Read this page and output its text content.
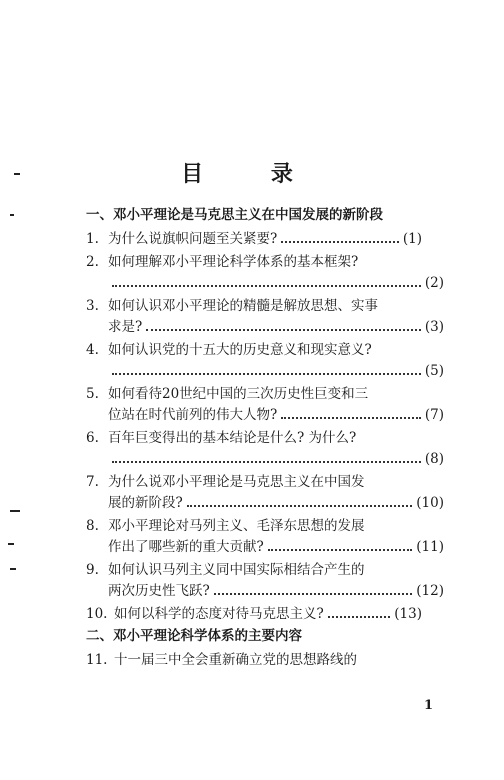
目 录
一、邓小平理论是马克思主义在中国发展的新阶段
1. 为什么说旗帜问题至关紧要?	(1)
2. 如何理解邓小平理论科学体系的基本框架?
(2)
3. 如何认识邓小平理论的精髓是解放思想、实事
求是?	(3)
4. 如何认识党的十五大的历史意义和现实意义?
(5)
5. 如何看待20世纪中国的三次历史性巨变和三
位站在时代前列的伟大人物?	(7)
6. 百年巨变得出的基本结论是什么? 为什么?
(8)
7. 为什么说邓小平理论是马克思主义在中国发
展的新阶段?	(10)
8. 邓小平理论对马列主义、毛泽东思想的发展
作出了哪些新的重大贡献?	(11)
9. 如何认识马列主义同中国实际相结合产生的
两次历史性飞跃?	(12)
10. 如何以科学的态度对待马克思主义?	(13)
二、邓小平理论科学体系的主要内容
11. 十一届三中全会重新确立党的思想路线的
1
